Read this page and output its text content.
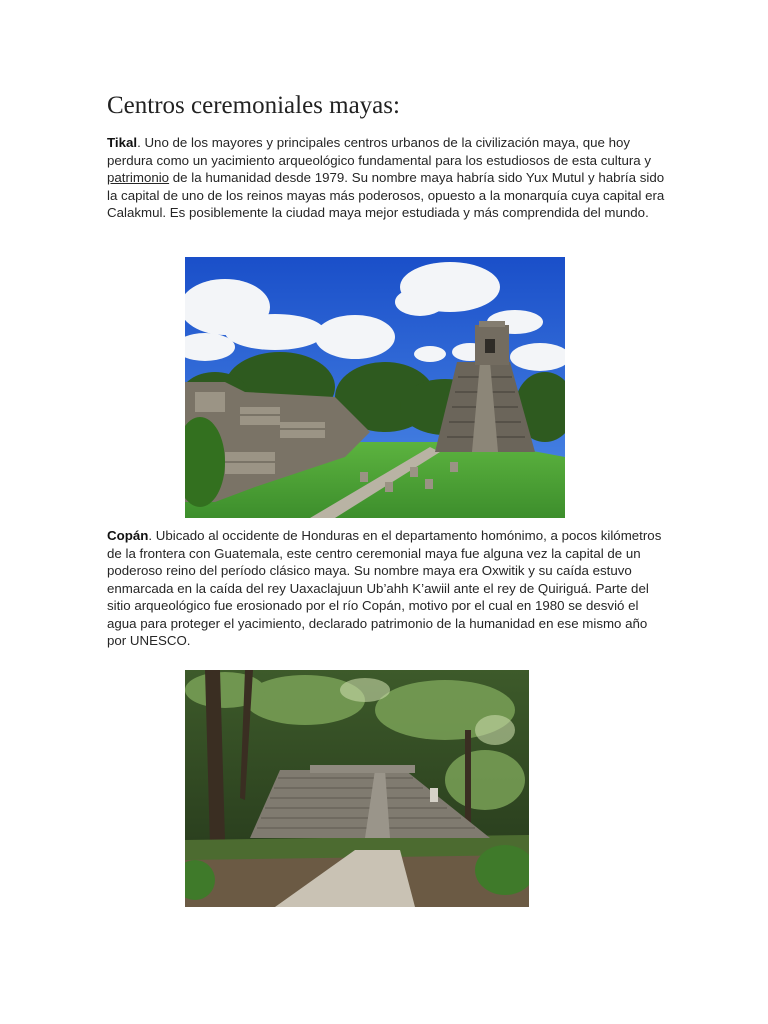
Centros ceremoniales mayas:

Tikal. Uno de los mayores y principales centros urbanos de la civilización maya, que hoy perdura como un yacimiento arqueológico fundamental para los estudiosos de esta cultura y patrimonio de la humanidad desde 1979. Su nombre maya habría sido Yux Mutul y habría sido la capital de uno de los reinos mayas más poderosos, opuesto a la monarquía cuya capital era Calakmul. Es posiblemente la ciudad maya mejor estudiada y más comprendida del mundo.

Copán. Ubicado al occidente de Honduras en el departamento homónimo, a pocos kilómetros de la frontera con Guatemala, este centro ceremonial maya fue alguna vez la capital de un poderoso reino del período clásico maya. Su nombre maya era Oxwitik y su caída estuvo enmarcada en la caída del rey Uaxaclajuun Ub’ahh K’awiil ante el rey de Quiriguá. Parte del sitio arqueológico fue erosionado por el río Copán, motivo por el cual en 1980 se desvió el agua para proteger el yacimiento, declarado patrimonio de la humanidad en ese mismo año por UNESCO.
